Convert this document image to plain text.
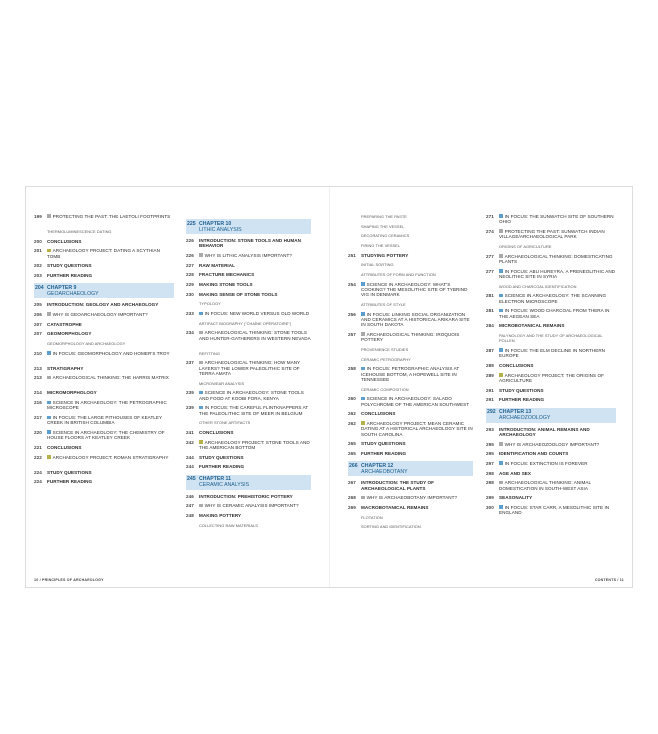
199	PROTECTING THE PAST: THE LAETOLI FOOTPRINTS
THERMOLUMINESCENCE DATING
200	CONCLUSIONS
201	ARCHAEOLOGY PROJECT: DATING A SCYTHIAN TOMB
202	STUDY QUESTIONS
203	FURTHER READING
204 CHAPTER 9
GEOARCHAEOLOGY
205	INTRODUCTION: GEOLOGY AND ARCHAEOLOGY
206	WHY IS GEOARCHAEOLOGY IMPORTANT?
207	CATASTROPHE
207	GEOMORPHOLOGY
GEOMORPHOLOGY AND ARCHAEOLOGY
210	IN FOCUS: GEOMORPHOLOGY AND HOMER'S TROY
213	STRATIGRAPHY
213	ARCHAEOLOGICAL THINKING: THE HARRIS MATRIX
214	MICROMORPHOLOGY
216	SCIENCE IN ARCHAEOLOGY: THE PETROGRAPHIC MICROSCOPE
217	IN FOCUS: THE LARGE PITHOUSES OF KEATLEY CREEK IN BRITISH COLUMBIA
220	SCIENCE IN ARCHAEOLOGY: THE CHEMISTRY OF HOUSE FLOORS AT KEATLEY CREEK
221	CONCLUSIONS
222	ARCHAEOLOGY PROJECT: ROMAN STRATIGRAPHY
224	STUDY QUESTIONS
224	FURTHER READING
225 CHAPTER 10
LITHIC ANALYSIS
226	INTRODUCTION: STONE TOOLS AND HUMAN BEHAVIOR
226	WHY IS LITHIC ANALYSIS IMPORTANT?
227	RAW MATERIAL
228	FRACTURE MECHANICS
229	MAKING STONE TOOLS
230	MAKING SENSE OF STONE TOOLS
TYPOLOGY
233	IN FOCUS: NEW WORLD VERSUS OLD WORLD
ARTIFACT BIOGRAPHY ("CHAÎNE OPÉRATOIRE")
234	ARCHAEOLOGICAL THINKING: STONE TOOLS AND HUNTER-GATHERERS IN WESTERN NEVADA
REFITTING
237	ARCHAEOLOGICAL THINKING: HOW MANY LAYERS? THE LOWER PALEOLITHIC SITE OF TERRA AMATA
MICROWEAR ANALYSIS
239	SCIENCE IN ARCHAEOLOGY: STONE TOOLS AND FOOD AT KOOBI FORA, KENYA
239	IN FOCUS: THE CAREFUL FLINTKNAPPERS AT THE PALEOLITHIC SITE OF MEER IN BELGIUM
OTHER STONE ARTIFACTS
241	CONCLUSIONS
242	ARCHAEOLOGY PROJECT: STONE TOOLS AND THE AMERICAN BOTTOM
244	STUDY QUESTIONS
244	FURTHER READING
245 CHAPTER 11
CERAMIC ANALYSIS
246	INTRODUCTION: PREHISTORIC POTTERY
247	WHY IS CERAMIC ANALYSIS IMPORTANT?
248	MAKING POTTERY
COLLECTING RAW MATERIALS
PREPARING THE PASTE
SHAPING THE VESSEL
DECORATING CERAMICS
FIRING THE VESSEL
251	STUDYING POTTERY
INITIAL SORTING
ATTRIBUTES OF FORM AND FUNCTION
254	SCIENCE IN ARCHAEOLOGY: WHAT'S COOKING? THE MESOLITHIC SITE OF TYBRIND VIG IN DENMARK
ATTRIBUTES OF STYLE
256	IN FOCUS: LINKING SOCIAL ORGANIZATION AND CERAMICS AT A HISTORICAL ARIKARA SITE IN SOUTH DAKOTA
257	ARCHAEOLOGICAL THINKING: IROQUOIS POTTERY
PROVENIENCE STUDIES
CERAMIC PETROGRAPHY
258	IN FOCUS: PETROGRAPHIC ANALYSIS AT ICEHOUSE BOTTOM, A HOPEWELL SITE IN TENNESSEE
CERAMIC COMPOSITION
260	SCIENCE IN ARCHAEOLOGY: SALADO POLYCHROME OF THE AMERICAN SOUTHWEST
262	CONCLUSIONS
262	ARCHAEOLOGY PROJECT: MEAN CERAMIC DATING AT A HISTORICAL ARCHAEOLOGY SITE IN SOUTH CAROLINA
265	STUDY QUESTIONS
265	FURTHER READING
266 CHAPTER 12
ARCHAEOBOTANY
267	INTRODUCTION: THE STUDY OF ARCHAEOLOGICAL PLANTS
268	WHY IS ARCHAEOBOTANY IMPORTANT?
269	MACROBOTANICAL REMAINS
FLOTATION
SORTING AND IDENTIFICATION
271	IN FOCUS: THE SUNWATCH SITE OF SOUTHERN OHIO
274	PROTECTING THE PAST: SUNWATCH INDIAN VILLAGE/ARCHAEOLOGICAL PARK
ORIGINS OF AGRICULTURE
277	ARCHAEOLOGICAL THINKING: DOMESTICATING PLANTS
277	IN FOCUS: ABU HUREYRA, A PRENEOLITHIC AND NEOLITHIC SITE IN SYRIA
WOOD AND CHARCOAL IDENTIFICATION
281	SCIENCE IN ARCHAEOLOGY: THE SCANNING ELECTRON MICROSCOPE
281	IN FOCUS: WOOD CHARCOAL FROM THERA IN THE AEGEAN SEA
284	MICROBOTANICAL REMAINS
PALYNOLOGY AND THE STUDY OF ARCHAEOLOGICAL POLLEN
287	IN FOCUS: THE ELM DECLINE IN NORTHERN EUROPE
288	CONCLUSIONS
289	ARCHAEOLOGY PROJECT: THE ORIGINS OF AGRICULTURE
291	STUDY QUESTIONS
291	FURTHER READING
292 CHAPTER 13
ARCHAEOZOOLOGY
293	INTRODUCTION: ANIMAL REMAINS AND ARCHAEOLOGY
295	WHY IS ARCHAEOZOOLOGY IMPORTANT?
295	IDENTIFICATION AND COUNTS
297	IN FOCUS: EXTINCTION IS FOREVER
298	AGE AND SEX
298	ARCHAEOLOGICAL THINKING: ANIMAL DOMESTICATION IN SOUTH-WEST ASIA
299	SEASONALITY
300	IN FOCUS: STAR CARR, A MESOLITHIC SITE IN ENGLAND
10 / PRINCIPLES OF ARCHAEOLOGY	CONTENTS / 11
